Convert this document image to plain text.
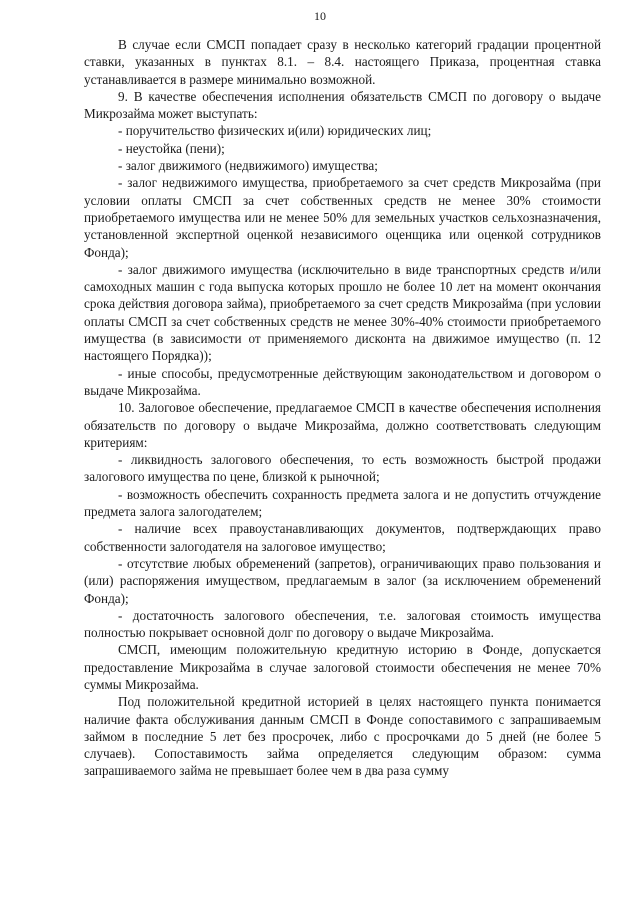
10

В случае если СМСП попадает сразу в несколько категорий градации процентной ставки, указанных в пунктах 8.1. – 8.4. настоящего Приказа, процентная ставка устанавливается в размере минимально возможной.

9. В качестве обеспечения исполнения обязательств СМСП по договору о выдаче Микрозайма может выступать:

- поручительство физических и(или) юридических лиц;

- неустойка (пени);

- залог движимого (недвижимого) имущества;

- залог недвижимого имущества, приобретаемого за счет средств Микрозайма (при условии оплаты СМСП за счет собственных средств не менее 30% стоимости приобретаемого имущества или не менее 50% для земельных участков сельхозназначения, установленной экспертной оценкой независимого оценщика или оценкой сотрудников Фонда);

- залог движимого имущества (исключительно в виде транспортных средств и/или самоходных машин с года выпуска которых прошло не более 10 лет на момент окончания срока действия договора займа), приобретаемого за счет средств Микрозайма (при условии оплаты СМСП за счет собственных средств не менее 30%-40% стоимости приобретаемого имущества (в зависимости от применяемого дисконта на движимое имущество (п. 12 настоящего Порядка));

- иные способы, предусмотренные действующим законодательством и договором о выдаче Микрозайма.

10. Залоговое обеспечение, предлагаемое СМСП в качестве обеспечения исполнения обязательств по договору о выдаче Микрозайма, должно соответствовать следующим критериям:

- ликвидность залогового обеспечения, то есть возможность быстрой продажи залогового имущества по цене, близкой к рыночной;

- возможность обеспечить сохранность предмета залога и не допустить отчуждение предмета залога залогодателем;

- наличие всех правоустанавливающих документов, подтверждающих право собственности залогодателя на залоговое имущество;

- отсутствие любых обременений (запретов), ограничивающих право пользования и (или) распоряжения имуществом, предлагаемым в залог (за исключением обременений Фонда);

- достаточность залогового обеспечения, т.е. залоговая стоимость имущества полностью покрывает основной долг по договору о выдаче Микрозайма.

СМСП, имеющим положительную кредитную историю в Фонде, допускается предоставление Микрозайма в случае залоговой стоимости обеспечения не менее 70% суммы Микрозайма.

Под положительной кредитной историей в целях настоящего пункта понимается наличие факта обслуживания данным СМСП в Фонде сопоставимого с запрашиваемым займом в последние 5 лет без просрочек, либо с просрочками до 5 дней (не более 5 случаев). Сопоставимость займа определяется следующим образом: сумма запрашиваемого займа не превышает более чем в два раза сумму
